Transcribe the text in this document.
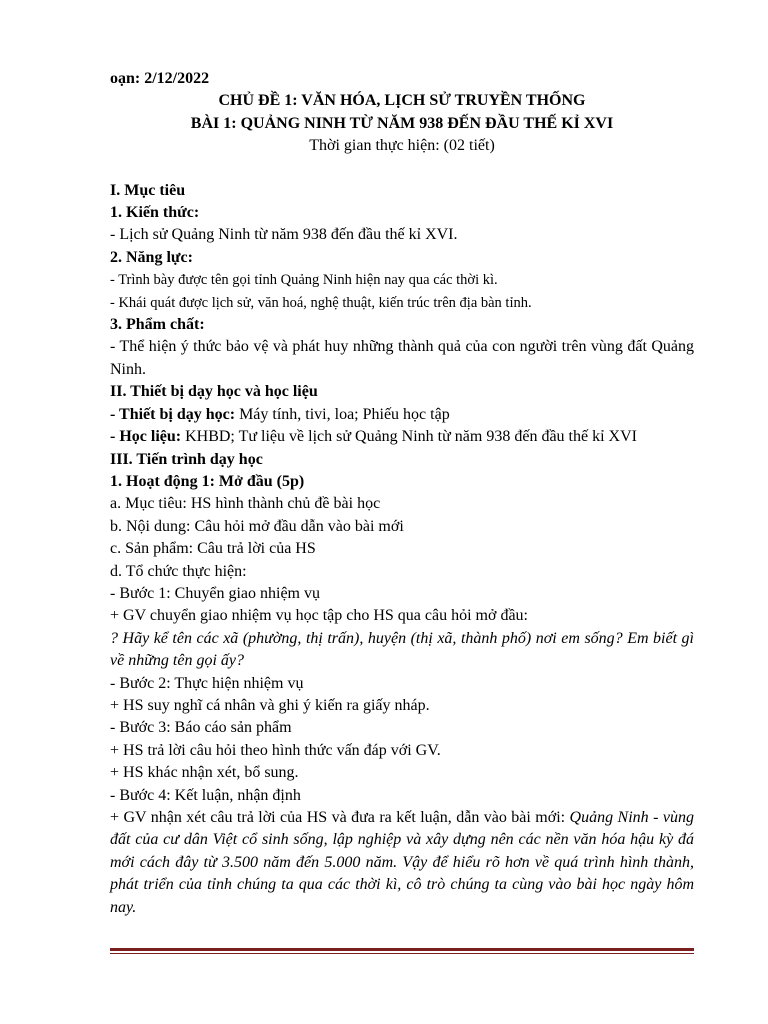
oạn: 2/12/2022

CHỦ ĐỀ 1: VĂN HÓA, LỊCH SỬ TRUYỀN THỐNG

BÀI 1: QUẢNG NINH TỪ NĂM 938 ĐẾN ĐẦU THẾ KỈ XVI

Thời gian thực hiện: (02 tiết)

I. Mục tiêu

1. Kiến thức:

- Lịch sử Quảng Ninh từ năm 938 đến đầu thế kỉ XVI.

2. Năng lực:

- Trình bày được tên gọi tỉnh Quảng Ninh hiện nay qua các thời kì.

- Khái quát được lịch sử, văn hoá, nghệ thuật, kiến trúc trên địa bàn tỉnh.

3. Phẩm chất:

- Thể hiện ý thức bảo vệ và phát huy những thành quả của con người trên vùng đất Quảng Ninh.

II. Thiết bị dạy học và học liệu

- Thiết bị dạy học: Máy tính, tivi, loa; Phiếu học tập

- Học liệu: KHBD; Tư liệu về lịch sử Quảng Ninh từ năm 938 đến đầu thế kỉ XVI

III. Tiến trình dạy học

1. Hoạt động 1: Mở đầu (5p)

a. Mục tiêu: HS hình thành chủ đề bài học

b. Nội dung: Câu hỏi mở đầu dẫn vào bài mới

c. Sản phẩm: Câu trả lời của HS

d. Tổ chức thực hiện:

- Bước 1: Chuyển giao nhiệm vụ

+ GV chuyển giao nhiệm vụ học tập cho HS qua câu hỏi mở đầu:

? Hãy kể tên các xã (phường, thị trấn), huyện (thị xã, thành phố) nơi em sống? Em biết gì về những tên gọi ấy?

- Bước 2: Thực hiện nhiệm vụ

+ HS suy nghĩ cá nhân và ghi ý kiến ra giấy nháp.

- Bước 3: Báo cáo sản phẩm

+ HS trả lời câu hỏi theo hình thức vấn đáp với GV.

+ HS khác nhận xét, bổ sung.

- Bước 4: Kết luận, nhận định

+ GV nhận xét câu trả lời của HS và đưa ra kết luận, dẫn vào bài mới: Quảng Ninh - vùng đất của cư dân Việt cổ sinh sống, lập nghiệp và xây dựng nên các nền văn hóa hậu kỳ đá mới cách đây từ 3.500 năm đến 5.000 năm. Vậy để hiểu rõ hơn về quá trình hình thành, phát triển của tỉnh chúng ta qua các thời kì, cô trò chúng ta cùng vào bài học ngày hôm nay.
